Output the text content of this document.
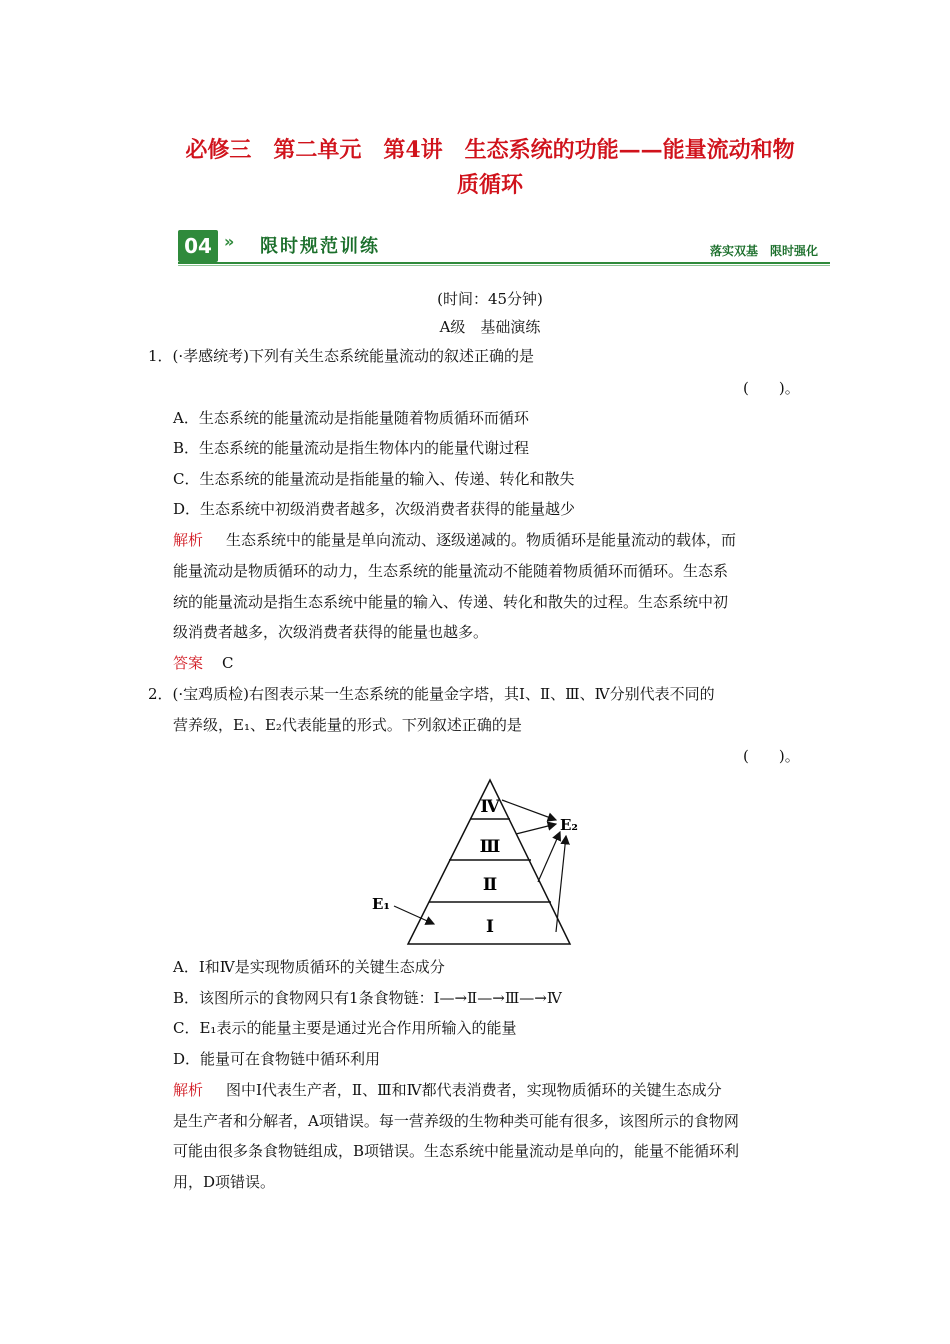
必修三　第二单元　第4讲　生态系统的功能——能量流动和物
质循环
04 » 限时规范训练	落实双基　限时强化
(时间：45分钟)
A级　基础演练
1．(·孝感统考)下列有关生态系统能量流动的叙述正确的是
(　　)。
A．生态系统的能量流动是指能量随着物质循环而循环
B．生态系统的能量流动是指生物体内的能量代谢过程
C．生态系统的能量流动是指能量的输入、传递、转化和散失
D．生态系统中初级消费者越多，次级消费者获得的能量越少
解析 生态系统中的能量是单向流动、逐级递减的。物质循环是能量流动的载体，而
能量流动是物质循环的动力，生态系统的能量流动不能随着物质循环而循环。生态系
统的能量流动是指生态系统中能量的输入、传递、转化和散失的过程。生态系统中初
级消费者越多，次级消费者获得的能量也越多。
答案 C
2．(·宝鸡质检)右图表示某一生态系统的能量金字塔，其Ⅰ、Ⅱ、Ⅲ、Ⅳ分别代表不同的
营养级，E₁、E₂代表能量的形式。下列叙述正确的是
(　　)。
Ⅳ
Ⅲ
Ⅱ
Ⅰ
E₂
E₁
A．Ⅰ和Ⅳ是实现物质循环的关键生态成分
B．该图所示的食物网只有1条食物链：Ⅰ—→Ⅱ—→Ⅲ—→Ⅳ
C．E₁表示的能量主要是通过光合作用所输入的能量
D．能量可在食物链中循环利用
解析 图中Ⅰ代表生产者，Ⅱ、Ⅲ和Ⅳ都代表消费者，实现物质循环的关键生态成分
是生产者和分解者，A项错误。每一营养级的生物种类可能有很多，该图所示的食物网
可能由很多条食物链组成，B项错误。生态系统中能量流动是单向的，能量不能循环利
用，D项错误。
